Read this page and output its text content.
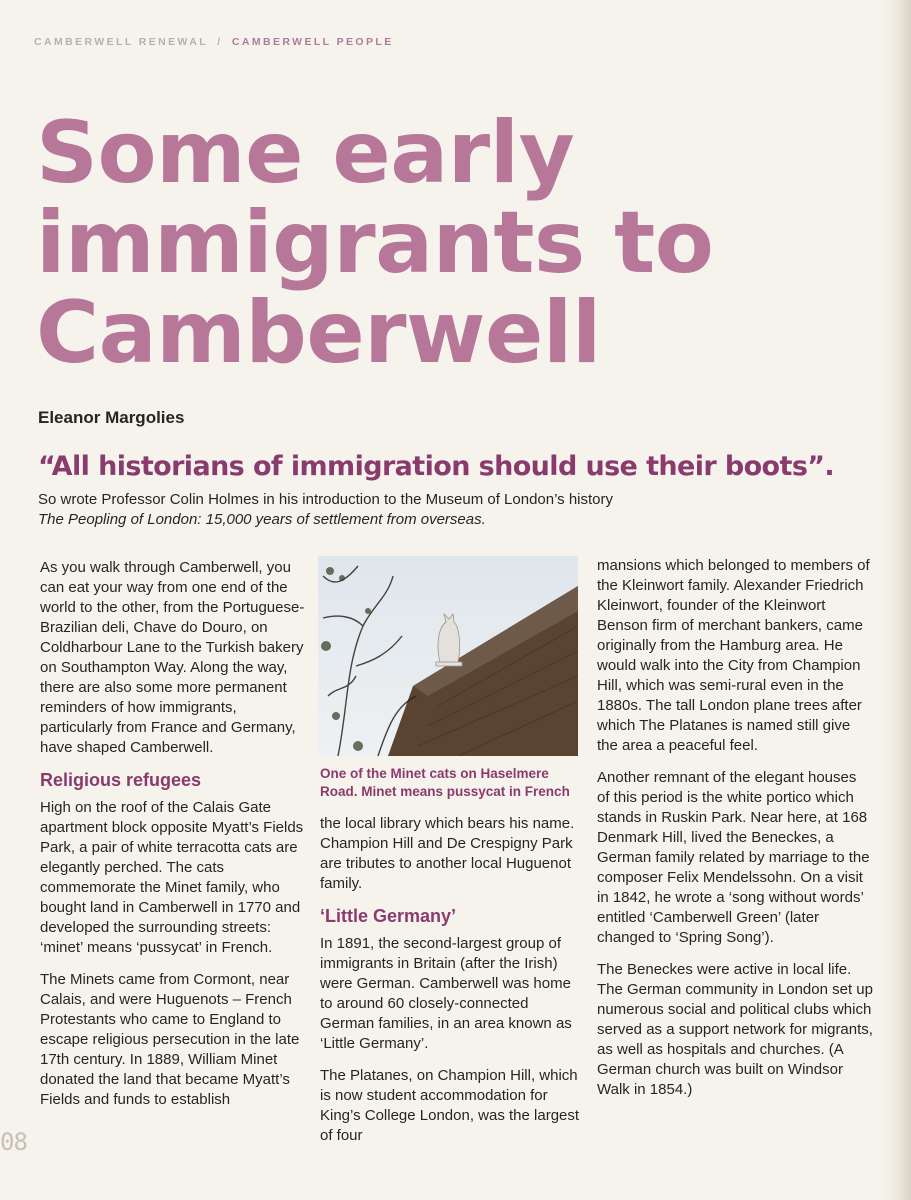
CAMBERWELL RENEWAL / CAMBERWELL PEOPLE
Some early immigrants to Camberwell
Eleanor Margolies
“All historians of immigration should use their boots”.
So wrote Professor Colin Holmes in his introduction to the Museum of London’s history
The Peopling of London: 15,000 years of settlement from overseas.

As you walk through Camberwell, you can eat your way from one end of the world to the other, from the Portuguese-Brazilian deli, Chave do Douro, on Coldharbour Lane to the Turkish bakery on Southampton Way. Along the way, there are also some more permanent reminders of how immigrants, particularly from France and Germany, have shaped Camberwell.

Religious refugees

High on the roof of the Calais Gate apartment block opposite Myatt’s Fields Park, a pair of white terracotta cats are elegantly perched. The cats commemorate the Minet family, who bought land in Camberwell in 1770 and developed the surrounding streets: ‘minet’ means ‘pussycat’ in French.

The Minets came from Cormont, near Calais, and were Huguenots – French Protestants who came to England to escape religious persecution in the late 17th century. In 1889, William Minet donated the land that became Myatt’s Fields and funds to establish

One of the Minet cats on Haselmere Road. Minet means pussycat in French

the local library which bears his name. Champion Hill and De Crespigny Park are tributes to another local Huguenot family.

‘Little Germany’

In 1891, the second-largest group of immigrants in Britain (after the Irish) were German. Camberwell was home to around 60 closely-connected German families, in an area known as ‘Little Germany’.

The Platanes, on Champion Hill, which is now student accommodation for King’s College London, was the largest of four

mansions which belonged to members of the Kleinwort family. Alexander Friedrich Kleinwort, founder of the Kleinwort Benson firm of merchant bankers, came originally from the Hamburg area. He would walk into the City from Champion Hill, which was semi-rural even in the 1880s. The tall London plane trees after which The Platanes is named still give the area a peaceful feel.

Another remnant of the elegant houses of this period is the white portico which stands in Ruskin Park. Near here, at 168 Denmark Hill, lived the Beneckes, a German family related by marriage to the composer Felix Mendelssohn. On a visit in 1842, he wrote a ‘song without words’ entitled ‘Camberwell Green’ (later changed to ‘Spring Song’).

The Beneckes were active in local life. The German community in London set up numerous social and political clubs which served as a support network for migrants, as well as hospitals and churches. (A German church was built on Windsor Walk in 1854.)

08
